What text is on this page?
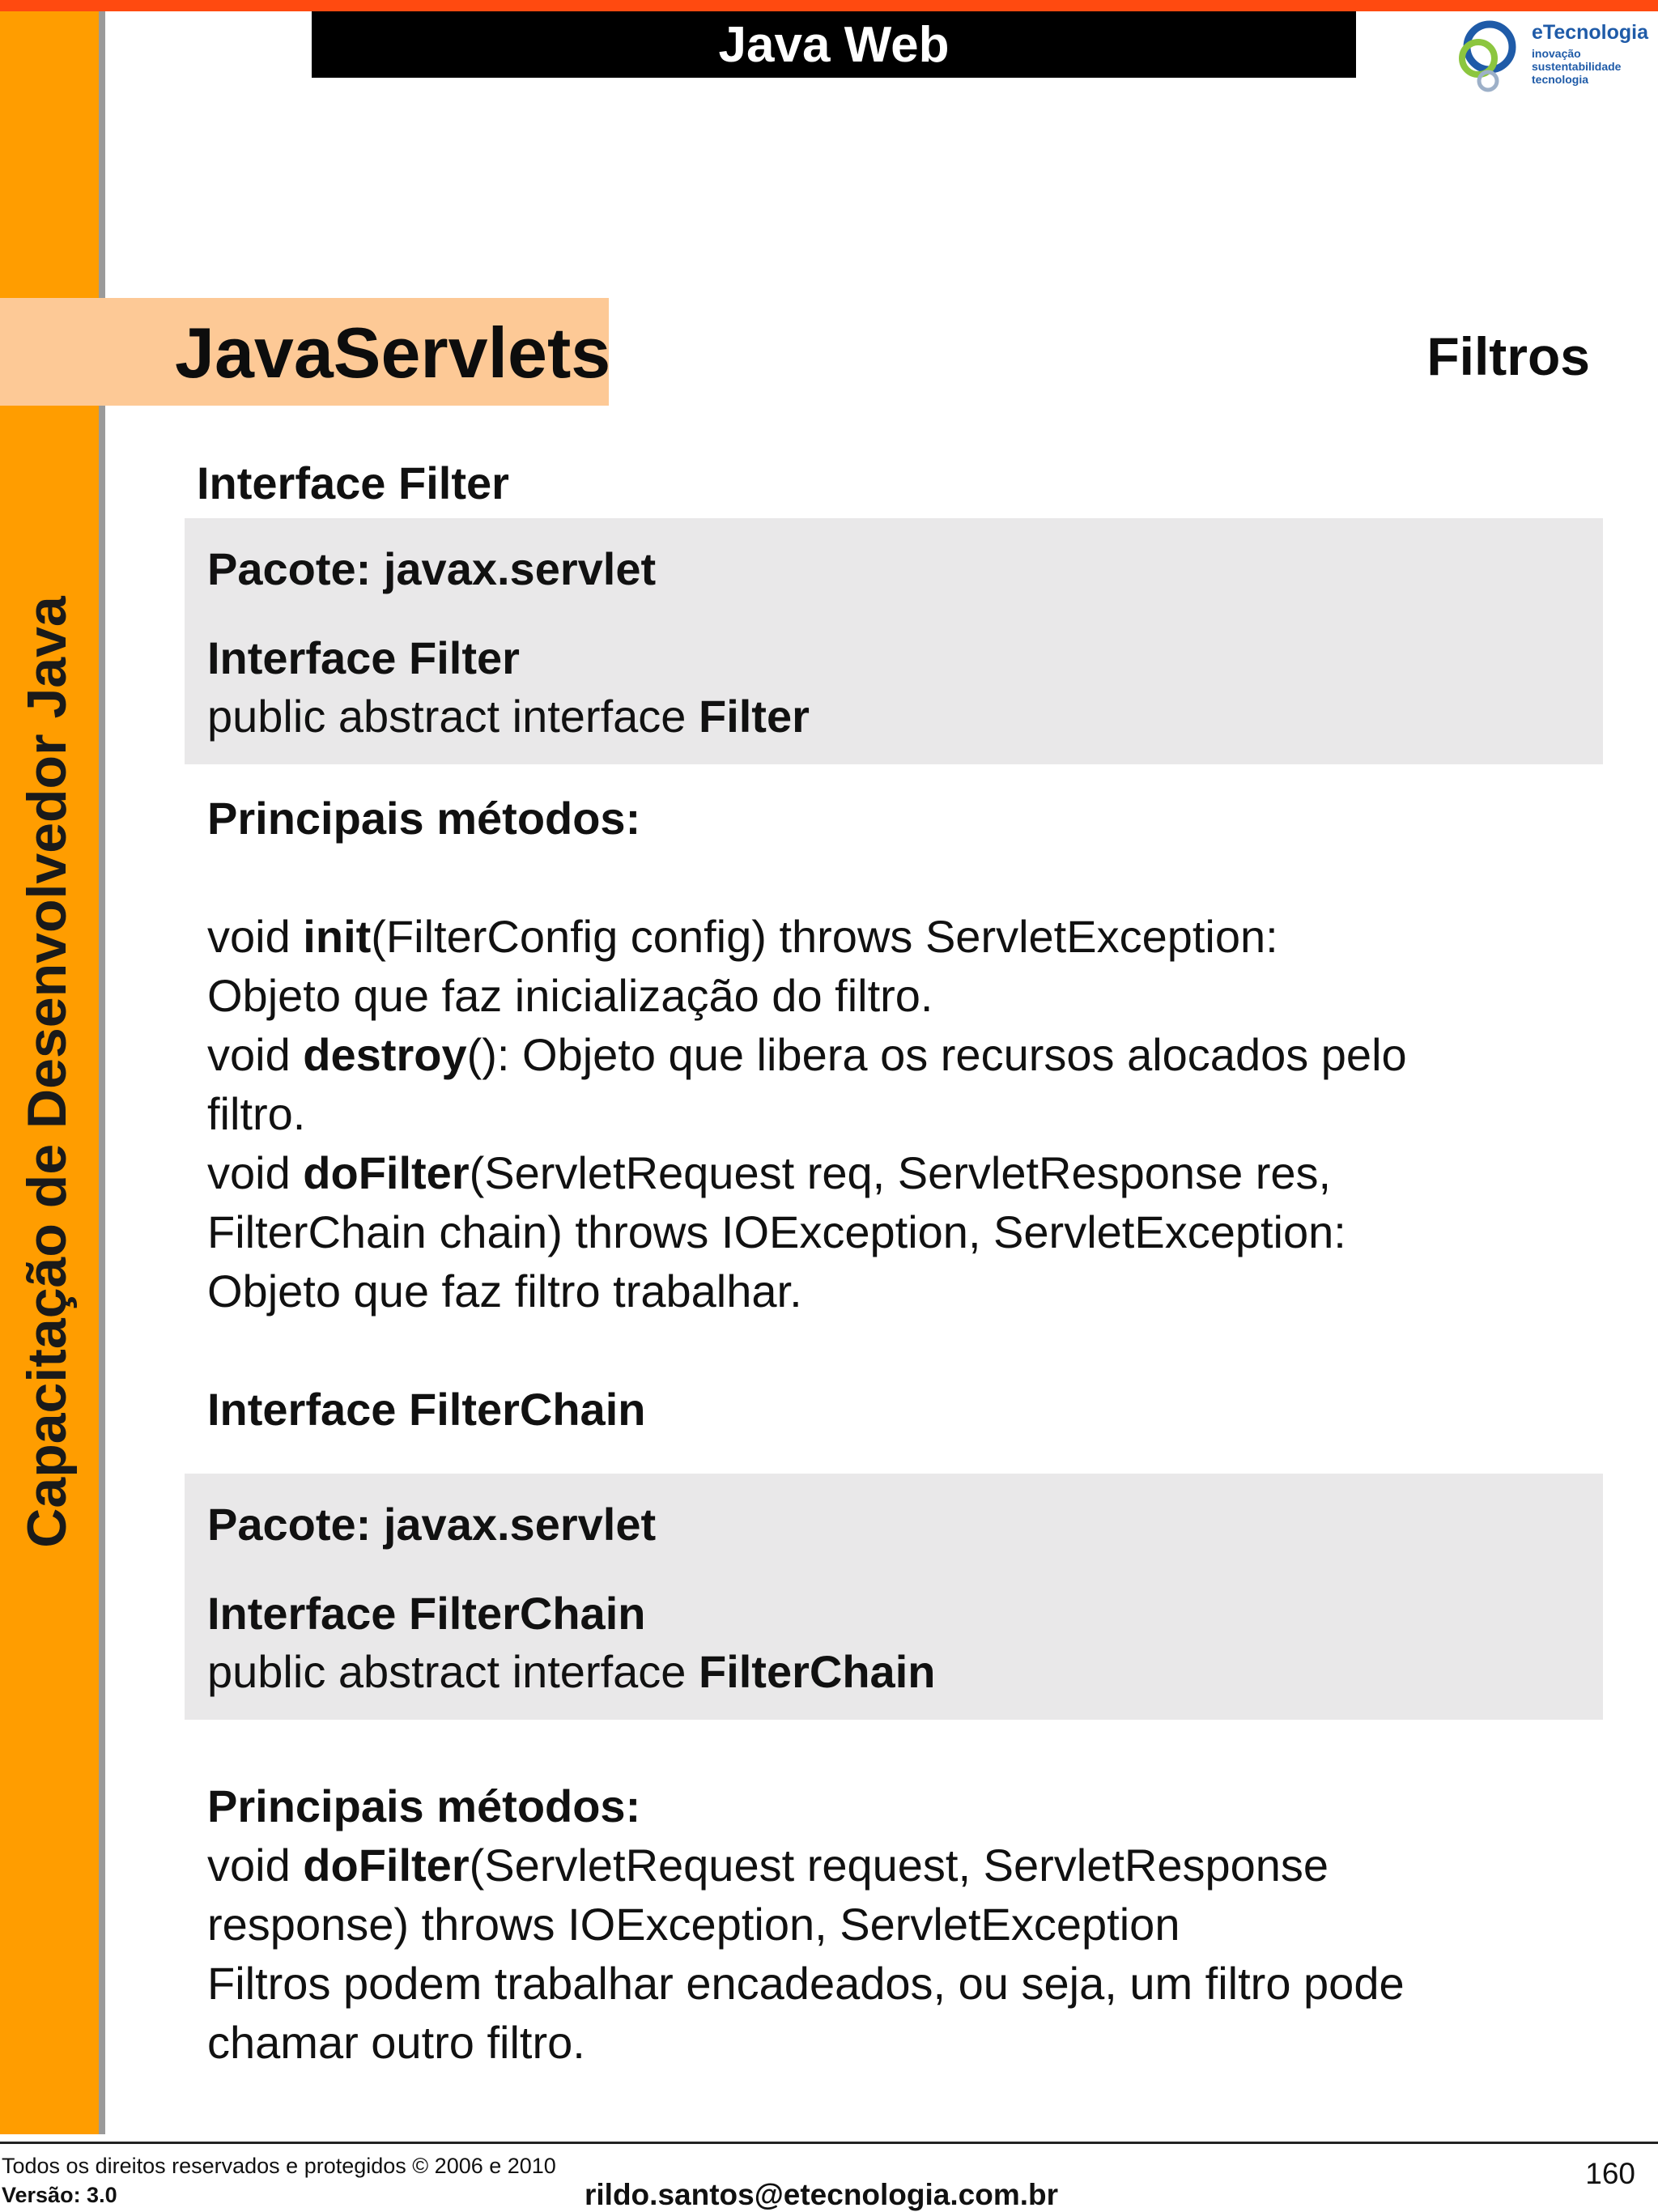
Capacitação de Desenvolvedor Java
Java Web	eTecnologia
inovação
sustentabilidade
tecnologia
JavaServlets	Filtros
Interface Filter
Pacote: javax.servlet
Interface Filter
public abstract interface Filter
Principais métodos:
void init(FilterConfig config) throws ServletException:
Objeto que faz inicialização do filtro.
void destroy(): Objeto que libera os recursos alocados pelo
filtro.
void doFilter(ServletRequest req, ServletResponse res,
FilterChain chain) throws IOException, ServletException:
Objeto que faz filtro trabalhar.
Interface FilterChain
Pacote: javax.servlet
Interface FilterChain
public abstract interface FilterChain
Principais métodos:
void doFilter(ServletRequest request, ServletResponse
response) throws IOException, ServletException
Filtros podem trabalhar encadeados, ou seja, um filtro pode
chamar outro filtro.
Todos os direitos reservados e protegidos © 2006 e 2010
Versão: 3.0	rildo.santos@etecnologia.com.br
160
